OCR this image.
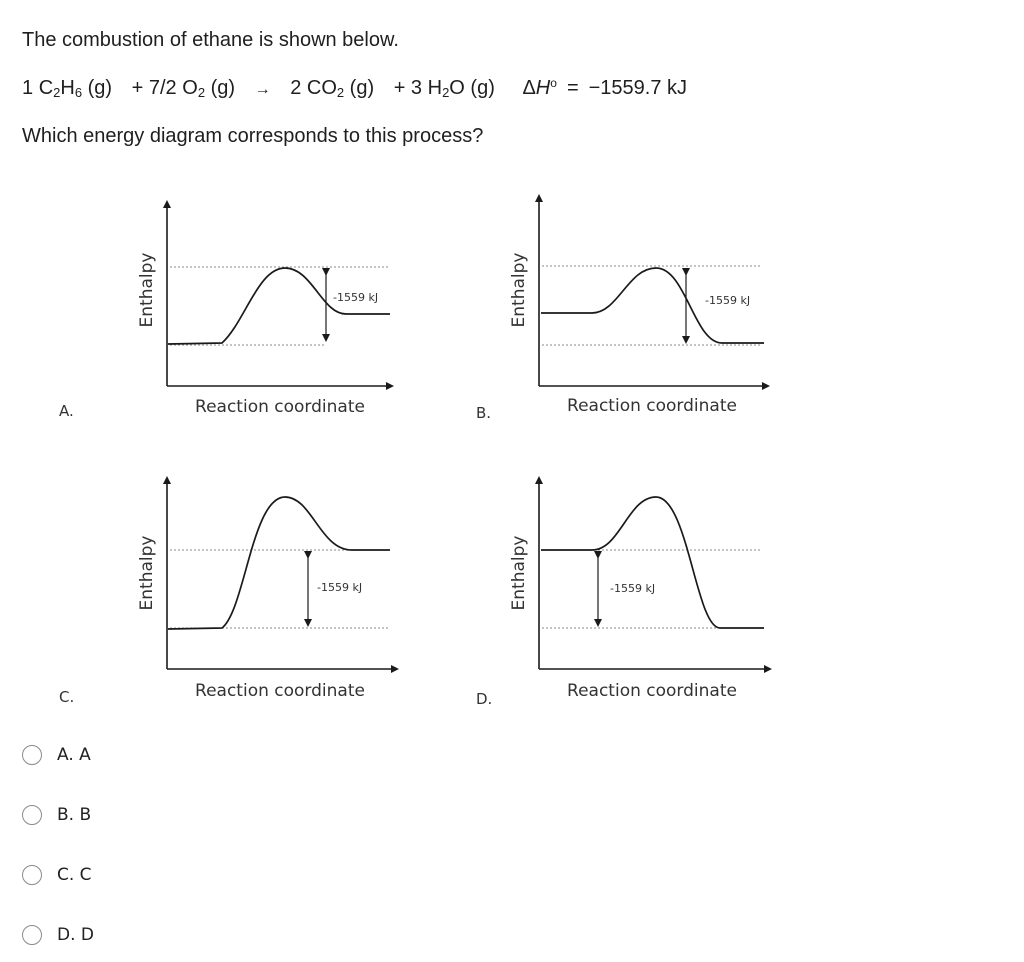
The combustion of ethane is shown below.
1 $C_2H_6$ (g) + 7/2 $O_2$ (g) → 2 $CO_2$ (g) + 3 $H_2O$ (g) $\Delta H^o = -1559.7$ kJ
Which energy diagram corresponds to this process?
-1559 kJ
Enthalpy
Reaction coordinate
-1559 kJ
Enthalpy
Reaction coordinate
-1559 kJ
Enthalpy
Reaction coordinate
-1559 kJ
Enthalpy
Reaction coordinate
A.	B.
C.	D.
A. A
B. B
C. C
D. D
